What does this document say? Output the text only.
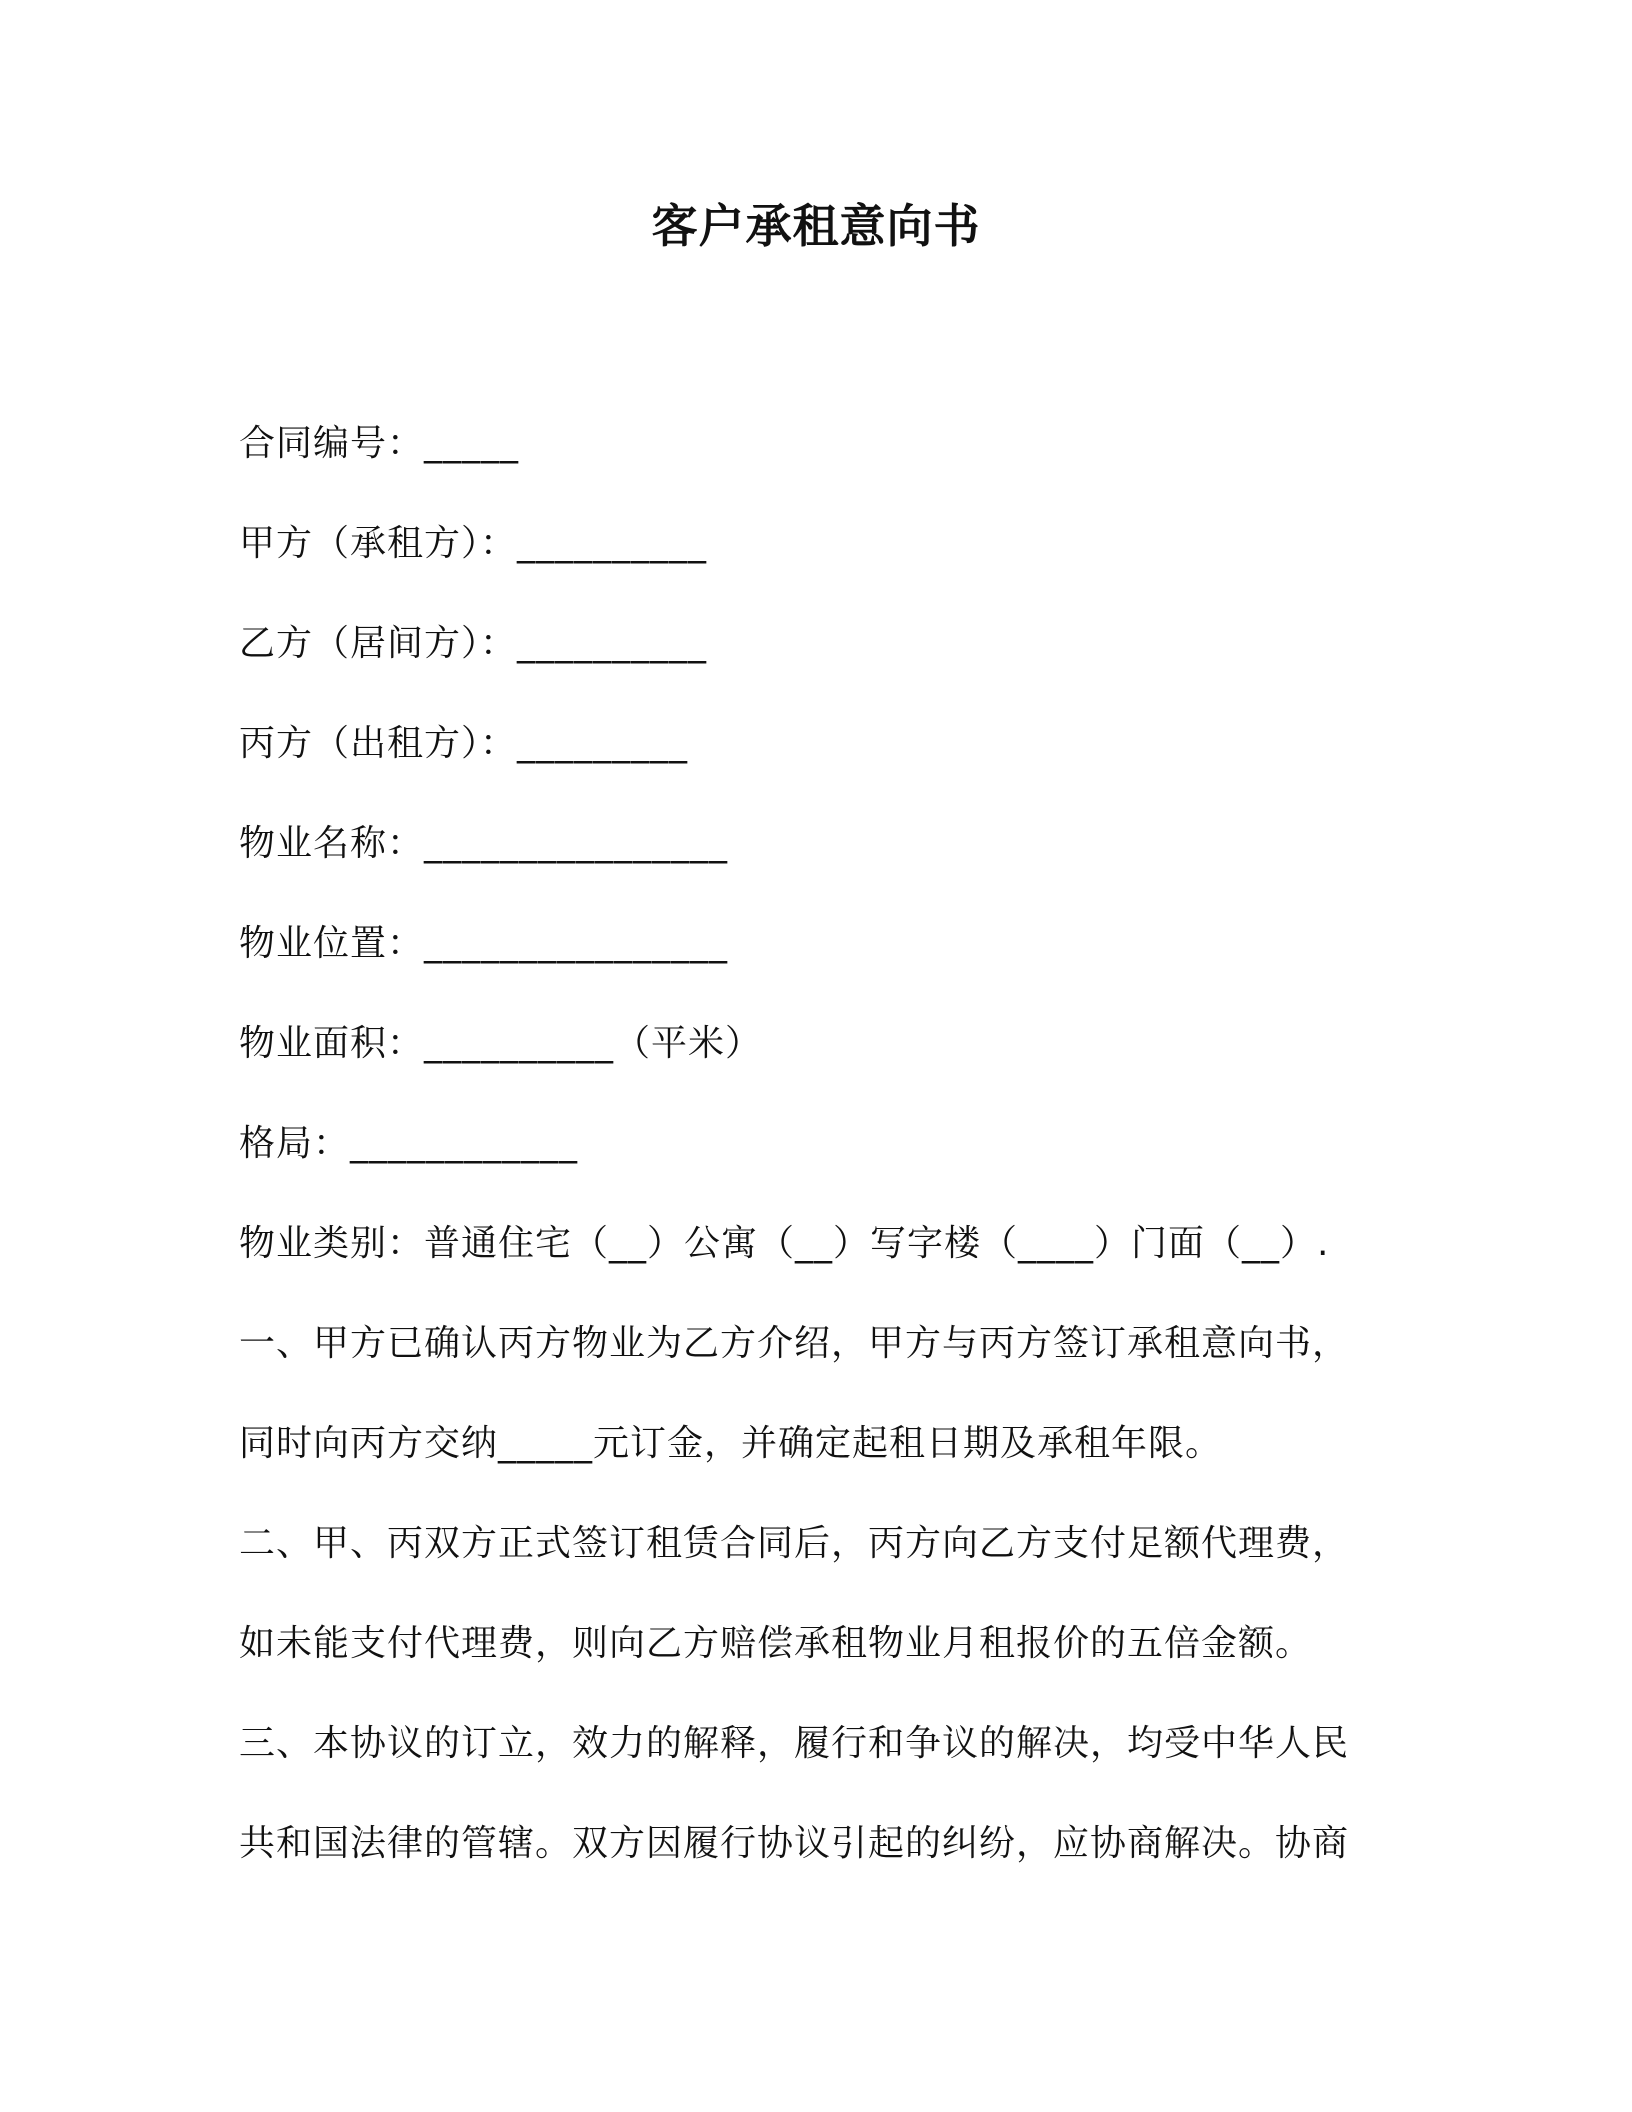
客户承租意向书
合同编号：_____
甲方（承租方）：__________
乙方（居间方）：__________
丙方（出租方）：_________
物业名称：________________
物业位置：________________
物业面积：__________（平米）
格局：____________
物业类别：普通住宅（__）公寓（__）写字楼（____）门面（__）.
一、甲方已确认丙方物业为乙方介绍，甲方与丙方签订承租意向书，
同时向丙方交纳_____元订金，并确定起租日期及承租年限。
二、甲、丙双方正式签订租赁合同后，丙方向乙方支付足额代理费，
如未能支付代理费，则向乙方赔偿承租物业月租报价的五倍金额。
三、本协议的订立，效力的解释，履行和争议的解决，均受中华人民
共和国法律的管辖。双方因履行协议引起的纠纷，应协商解决。协商
